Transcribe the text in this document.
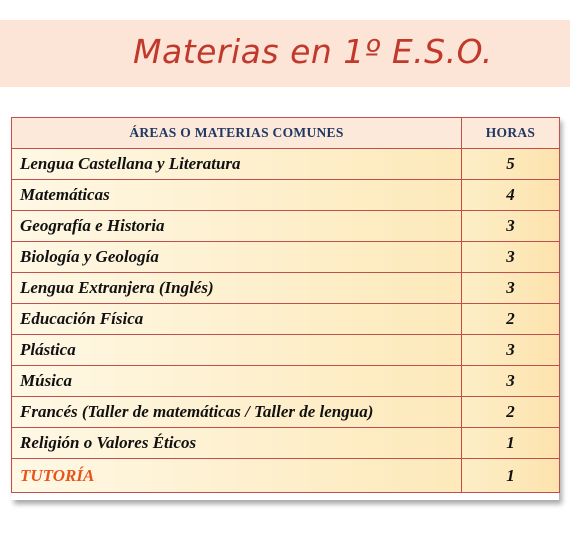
Materias en 1º E.S.O.
ÁREAS O MATERIAS COMUNES	HORAS
Lengua Castellana y Literatura	5
Matemáticas	4
Geografía e Historia	3
Biología y Geología	3
Lengua Extranjera (Inglés)	3
Educación Física	2
Plástica	3
Música	3
Francés (Taller de matemáticas / Taller de lengua)	2
Religión o Valores Éticos	1
TUTORÍA	1
